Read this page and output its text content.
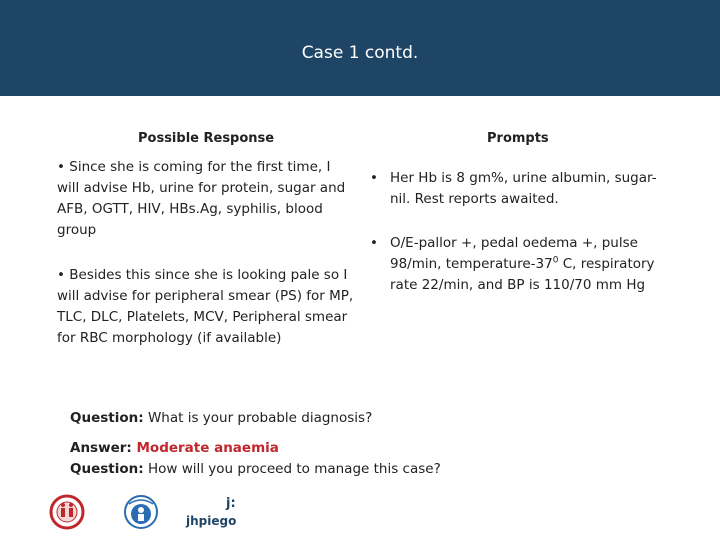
Case 1 contd.
Possible Response	Prompts
• Since she is coming for the first time, I will advise Hb, urine for protein, sugar and AFB, OGTT, HIV, HBs.Ag, syphilis, blood group
• Besides this since she is looking pale so I will advise for peripheral smear (PS) for MP, TLC, DLC, Platelets, MCV, Peripheral smear for RBC morphology (if available)
• Her Hb is 8 gm%, urine albumin, sugar-nil. Rest reports awaited.
• O/E-pallor +, pedal oedema +, pulse 98/min, temperature-$37^0$ C, respiratory rate 22/min, and BP is 110/70 mm Hg
Question: What is your probable diagnosis?
Answer: Moderate anaemia
Question: How will you proceed to manage this case?
j:
jhpiego
